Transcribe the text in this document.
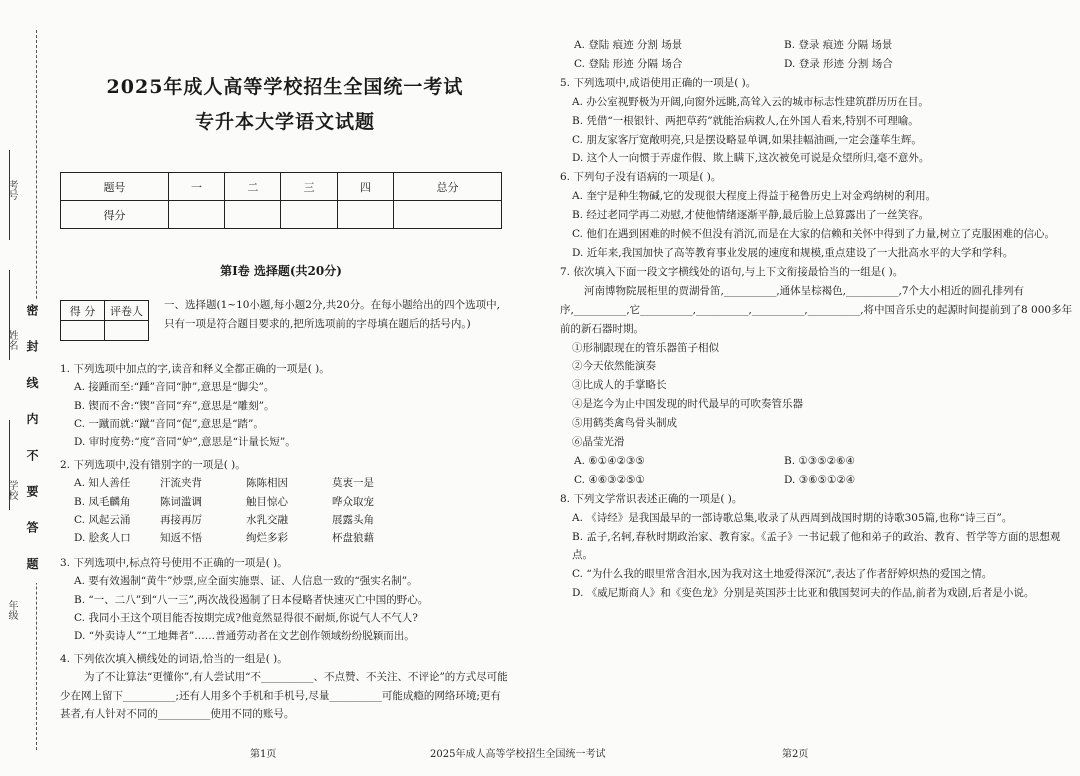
密 封 线 内 不 要 答 题
考号
姓名
学校
年级
2025年成人高等学校招生全国统一考试
专升本大学语文试题
题号	一	二	三	四	总分
得分					
第Ⅰ卷 选择题(共20分)
得 分	评卷人
	一、选择题(1~10小题,每小题2分,共20分。在每小题给出的四个选项中,只有一项是符合题目要求的,把所选项前的字母填在题后的括号内。)
1. 下列选项中加点的字,读音和释义全都正确的一项是( )。
A. 接踵而至:“踵”音同“肿”,意思是“脚尖”。
B. 锲而不舍:“锲”音同“弃”,意思是“雕刻”。
C. 一蹴而就:“蹴”音同“促”,意思是“踏”。
D. 审时度势:“度”音同“妒”,意思是“计量长短”。
2. 下列选项中,没有错别字的一项是( )。
A. 知人善任	汗流夹背	陈陈相因	莫衷一是
B. 凤毛麟角	陈词滥调	触目惊心	哗众取宠
C. 风起云涌	再接再厉	水乳交融	展露头角
D. 脍炙人口	知返不悟	绚烂多彩	杯盘狼藉
3. 下列选项中,标点符号使用不正确的一项是( )。
A. 要有效遏制“黄牛”炒票,应全面实施票、证、人信息一致的“强实名制”。
B. “一、二八”到“八一三”,两次战役遏制了日本侵略者快速灭亡中国的野心。
C. 我同小王这个项目能否按期完成?他竟然显得很不耐烦,你说气人不气人?
D. “外卖诗人”“工地舞者”……普通劳动者在文艺创作领域纷纷脱颖而出。
4. 下列依次填入横线处的词语,恰当的一组是( )。
为了不让算法“更懂你”,有人尝试用“不__________、不点赞、不关注、不评论”的方式尽可能少在网上留下__________;还有人用多个手机和手机号,尽量__________可能成瘾的网络环境;更有甚者,有人针对不同的__________使用不同的账号。
A. 登陆 痕迹 分割 场景	B. 登录 痕迹 分隔 场景
C. 登陆 形迹 分隔 场合	D. 登录 形迹 分割 场合
5. 下列选项中,成语使用正确的一项是( )。
A. 办公室视野极为开阔,向窗外远眺,高耸入云的城市标志性建筑群历历在目。
B. 凭借“一根银针、两把草药”就能治病救人,在外国人看来,特别不可理喻。
C. 朋友家客厅宽敞明亮,只是摆设略显单调,如果挂幅油画,一定会蓬荜生辉。
D. 这个人一向惯于弄虚作假、欺上瞒下,这次被免可说是众望所归,毫不意外。
6. 下列句子没有语病的一项是( )。
A. 奎宁是种生物碱,它的发现很大程度上得益于秘鲁历史上对金鸡纳树的利用。
B. 经过老同学再二劝慰,才使他情绪逐渐平静,最后脸上总算露出了一丝笑容。
C. 他们在遇到困难的时候不但没有消沉,而是在大家的信赖和关怀中得到了力量,树立了克服困难的信心。
D. 近年来,我国加快了高等教育事业发展的速度和规模,重点建设了一大批高水平的大学和学科。
7. 依次填入下面一段文字横线处的语句,与上下文衔接最恰当的一组是( )。
河南博物院展柜里的贾湖骨笛,__________,通体呈棕褐色,__________,7个大小相近的圆孔排列有序,__________,它__________,__________,__________,__________,将中国音乐史的起源时间提前到了8 000多年前的新石器时期。
①形制跟现在的管乐器笛子相似
②今天依然能演奏
③比成人的手掌略长
④是迄今为止中国发现的时代最早的可吹奏管乐器
⑤用鹤类禽鸟骨头制成
⑥晶莹光滑
A. ⑥①④②③⑤	B. ①③⑤②⑥④
C. ④⑥③②⑤①	D. ③⑥⑤①②④
8. 下列文学常识表述正确的一项是( )。
A. 《诗经》是我国最早的一部诗歌总集,收录了从西周到战国时期的诗歌305篇,也称“诗三百”。
B. 孟子,名轲,春秋时期政治家、教育家。《孟子》一书记载了他和弟子的政治、教育、哲学等方面的思想观点。
C. “为什么我的眼里常含泪水,因为我对这土地爱得深沉”,表达了作者舒婷炽热的爱国之情。
D. 《威尼斯商人》和《变色龙》分别是英国莎士比亚和俄国契诃夫的作品,前者为戏剧,后者是小说。
第1页	2025年成人高等学校招生全国统一考试	第2页
